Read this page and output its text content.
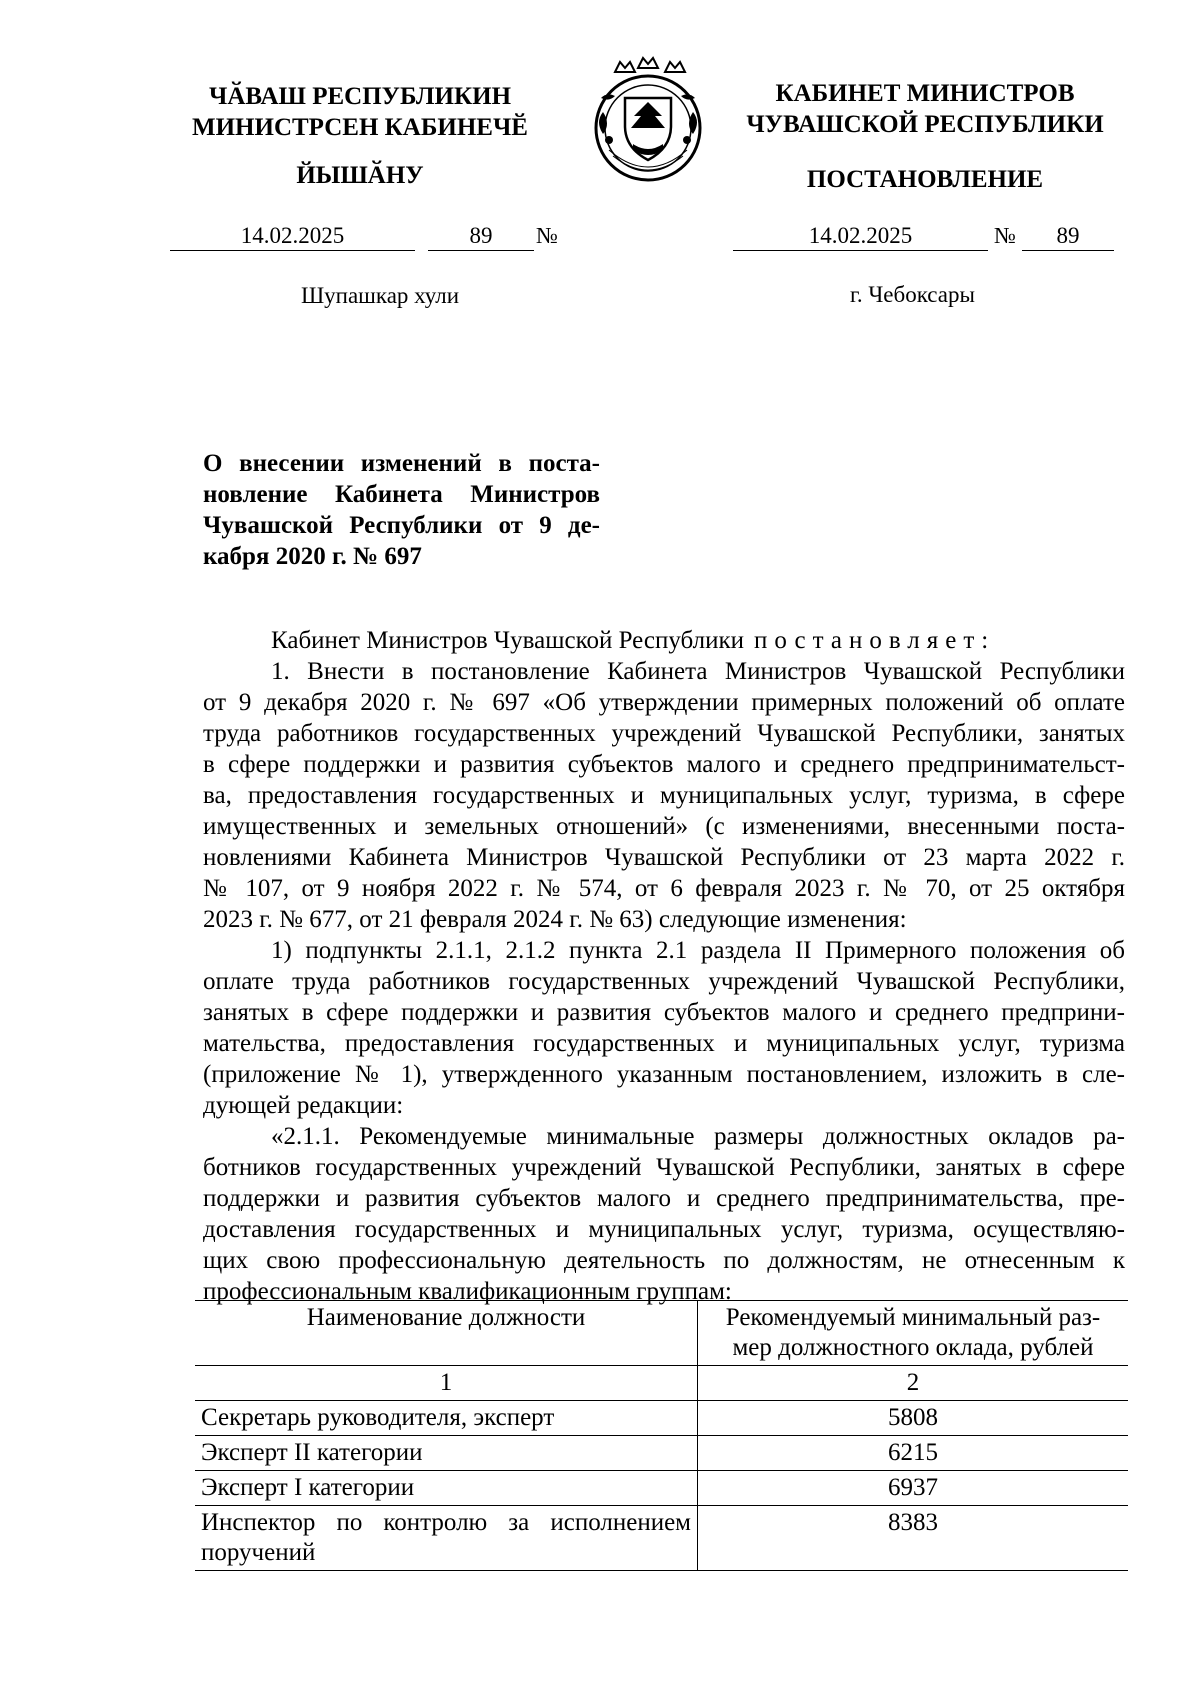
ЧӐВАШ РЕСПУБЛИКИН
МИНИСТРСЕН КАБИНЕЧӖ
ЙЫШӐНУ
КАБИНЕТ МИНИСТРОВ
ЧУВАШСКОЙ РЕСПУБЛИКИ
ПОСТАНОВЛЕНИЕ
14.02.2025	89	№	14.02.2025	№	89
Шупашкар хули	г. Чебоксары
О внесении изменений в поста-
новление Кабинета Министров
Чувашской Республики от 9 де-
кабря 2020 г. № 697

Кабинет Министров Чувашской Республики постановляет:

1. Внести в постановление Кабинета Министров Чувашской Республики
от 9 декабря 2020 г. № 697 «Об утверждении примерных положений об оплате
труда работников государственных учреждений Чувашской Республики, занятых
в сфере поддержки и развития субъектов малого и среднего предпринимательст-
ва, предоставления государственных и муниципальных услуг, туризма, в сфере
имущественных и земельных отношений» (с изменениями, внесенными поста-
новлениями Кабинета Министров Чувашской Республики от 23 марта 2022 г.
№ 107, от 9 ноября 2022 г. № 574, от 6 февраля 2023 г. № 70, от 25 октября
2023 г. № 677, от 21 февраля 2024 г. № 63) следующие изменения:

1) подпункты 2.1.1, 2.1.2 пункта 2.1 раздела II Примерного положения об
оплате труда работников государственных учреждений Чувашской Республики,
занятых в сфере поддержки и развития субъектов малого и среднего предприни-
мательства, предоставления государственных и муниципальных услуг, туризма
(приложение № 1), утвержденного указанным постановлением, изложить в сле-
дующей редакции:

«2.1.1. Рекомендуемые минимальные размеры должностных окладов ра-
ботников государственных учреждений Чувашской Республики, занятых в сфере
поддержки и развития субъектов малого и среднего предпринимательства, пре-
доставления государственных и муниципальных услуг, туризма, осуществляю-
щих свою профессиональную деятельность по должностям, не отнесенным к
профессиональным квалификационным группам:

Наименование должности	Рекомендуемый минимальный раз-
мер должностного оклада, рублей

1	2
Секретарь руководителя, эксперт	5808
Эксперт II категории	6215
Эксперт I категории	6937

Инспектор по контролю за исполнением
поручений	8383
